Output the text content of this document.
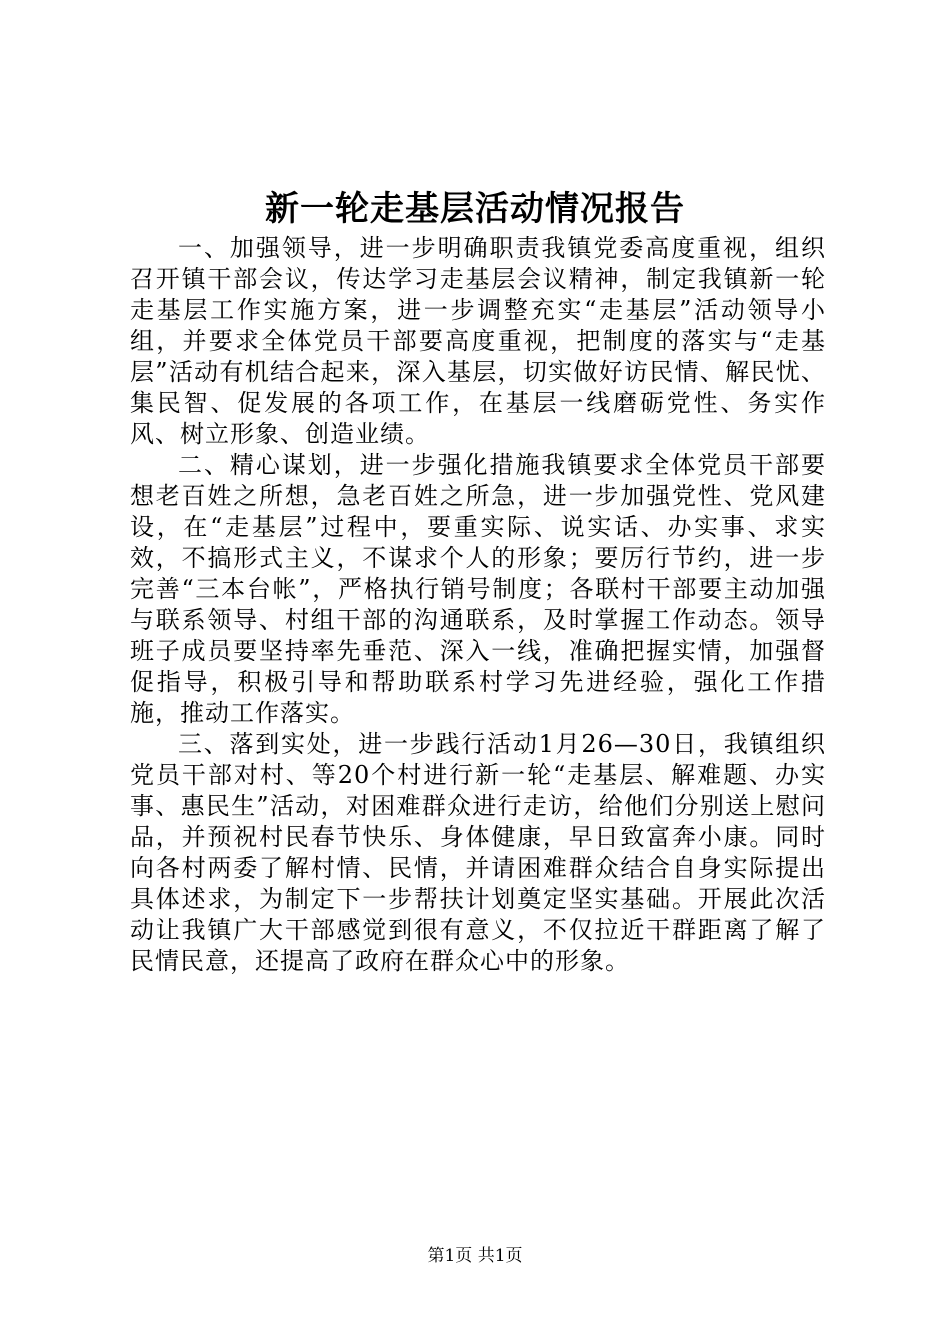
新一轮走基层活动情况报告

一、加强领导，进一步明确职责我镇党委高度重视，组织召开镇干部会议，传达学习走基层会议精神，制定我镇新一轮走基层工作实施方案，进一步调整充实“走基层”活动领导小组，并要求全体党员干部要高度重视，把制度的落实与“走基层”活动有机结合起来，深入基层，切实做好访民情、解民忧、集民智、促发展的各项工作，在基层一线磨砺党性、务实作风、树立形象、创造业绩。

二、精心谋划，进一步强化措施我镇要求全体党员干部要想老百姓之所想，急老百姓之所急，进一步加强党性、党风建设，在“走基层”过程中，要重实际、说实话、办实事、求实效，不搞形式主义，不谋求个人的形象；要厉行节约，进一步完善“三本台帐”，严格执行销号制度；各联村干部要主动加强与联系领导、村组干部的沟通联系，及时掌握工作动态。领导班子成员要坚持率先垂范、深入一线，准确把握实情，加强督促指导，积极引导和帮助联系村学习先进经验，强化工作措施，推动工作落实。

三、落到实处，进一步践行活动1月26—30日，我镇组织党员干部对村、等20个村进行新一轮“走基层、解难题、办实事、惠民生”活动，对困难群众进行走访，给他们分别送上慰问品，并预祝村民春节快乐、身体健康，早日致富奔小康。同时向各村两委了解村情、民情，并请困难群众结合自身实际提出具体述求，为制定下一步帮扶计划奠定坚实基础。开展此次活动让我镇广大干部感觉到很有意义，不仅拉近干群距离了解了民情民意，还提高了政府在群众心中的形象。

第1页 共1页
